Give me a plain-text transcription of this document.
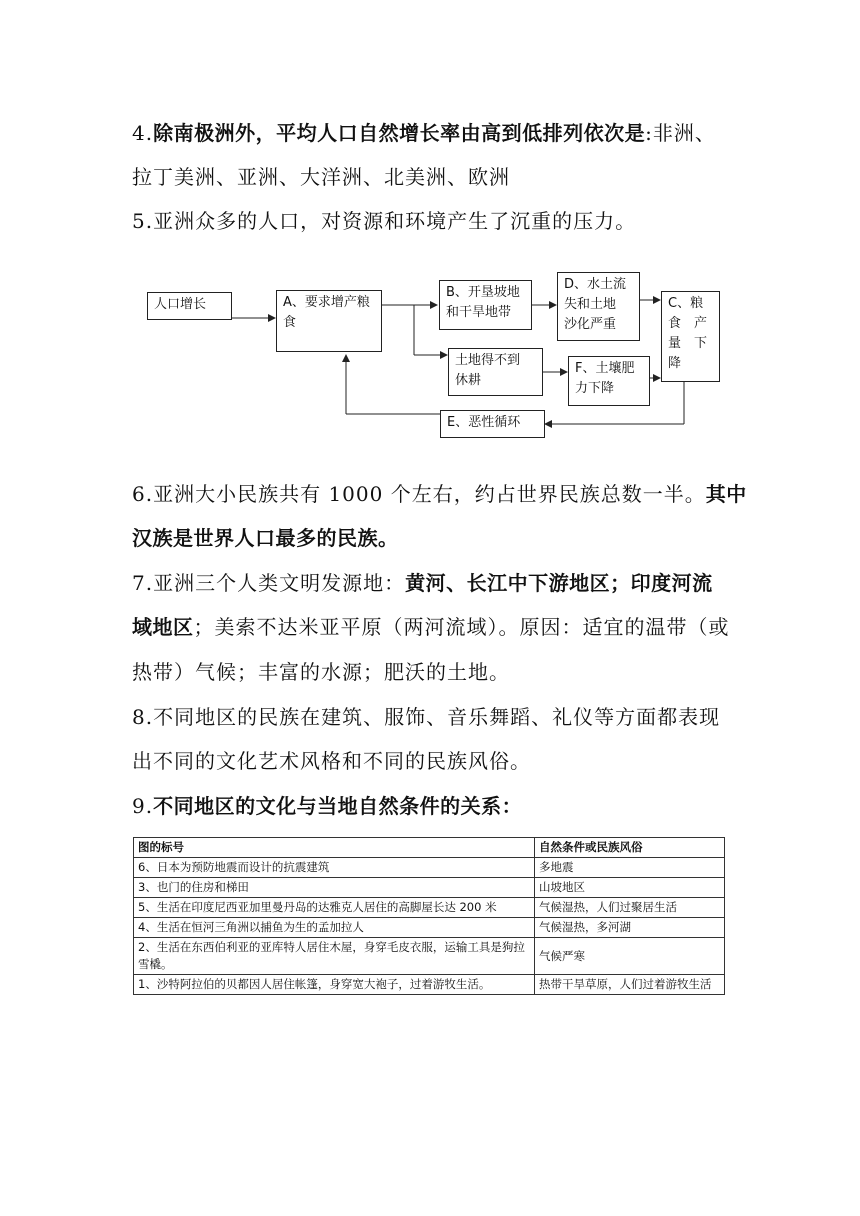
4.除南极洲外，平均人口自然增长率由高到低排列依次是:非洲、
拉丁美洲、亚洲、大洋洲、北美洲、欧洲
5.亚洲众多的人口，对资源和环境产生了沉重的压力。
人口增长	A、要求增产粮
食
B、开垦坡地
和干旱地带
D、水土流
失和土地
沙化严重
C、粮
食　产
量　下
降
土地得不到
休耕
F、土壤肥
力下降
E、恶性循环
6.亚洲大小民族共有 1000 个左右，约占世界民族总数一半。其中
汉族是世界人口最多的民族。
7.亚洲三个人类文明发源地：黄河、长江中下游地区；印度河流
域地区；美索不达米亚平原（两河流域）。原因：适宜的温带（或
热带）气候；丰富的水源；肥沃的土地。
8.不同地区的民族在建筑、服饰、音乐舞蹈、礼仪等方面都表现
出不同的文化艺术风格和不同的民族风俗。
9.不同地区的文化与当地自然条件的关系：
图的标号	自然条件或民族风俗
6、日本为预防地震而设计的抗震建筑	多地震
3、也门的住房和梯田	山坡地区
5、生活在印度尼西亚加里曼丹岛的达雅克人居住的高脚屋长达 200 米	气候湿热，人们过聚居生活
4、生活在恒河三角洲以捕鱼为生的孟加拉人	气候湿热，多河湖
2、生活在东西伯利亚的亚库特人居住木屋，身穿毛皮衣服，运输工具是狗拉雪橇。	气候严寒
1、沙特阿拉伯的贝都因人居住帐篷，身穿宽大袍子，过着游牧生活。	热带干旱草原，人们过着游牧生活
